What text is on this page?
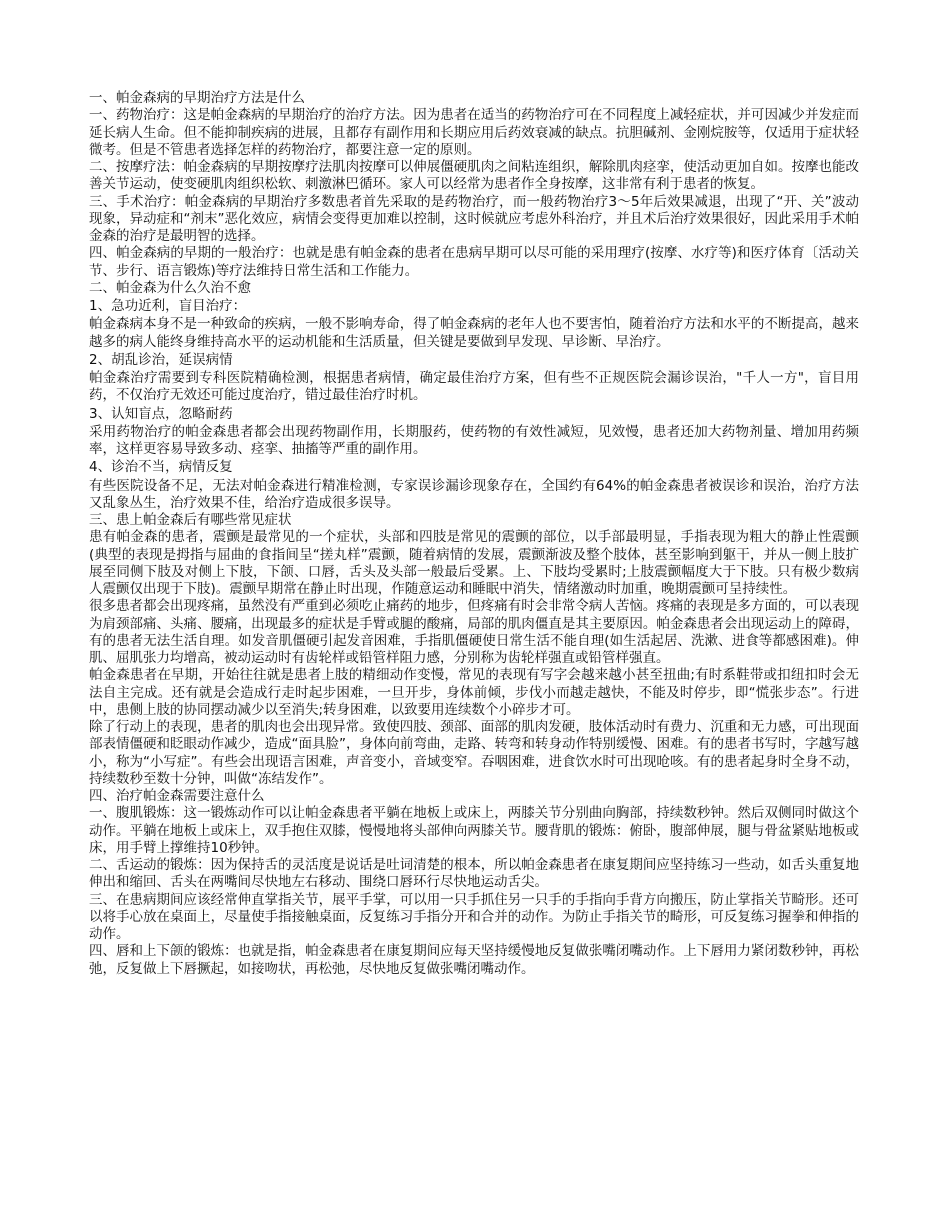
一、帕金森病的早期治疗方法是什么

一、药物治疗：这是帕金森病的早期治疗的治疗方法。因为患者在适当的药物治疗可在不同程度上减轻症状，并可因减少并发症而延长病人生命。但不能抑制疾病的进展，且都存有副作用和长期应用后药效衰减的缺点。抗胆碱剂、金刚烷胺等，仅适用于症状轻微考。但是不管患者选择怎样的药物治疗，都要注意一定的原则。

二、按摩疗法：帕金森病的早期按摩疗法肌肉按摩可以伸展僵硬肌肉之间粘连组织，解除肌肉痉挛，使活动更加自如。按摩也能改善关节运动，使变硬肌肉组织松软、刺激淋巴循环。家人可以经常为患者作全身按摩，这非常有利于患者的恢复。

三、手术治疗：帕金森病的早期治疗多数患者首先采取的是药物治疗，而一般药物治疗3～5年后效果减退，出现了“开、关”波动现象，异动症和“剂末”恶化效应，病情会变得更加难以控制，这时候就应考虑外科治疗，并且术后治疗效果很好，因此采用手术帕金森的治疗是最明智的选择。

四、帕金森病的早期的一般治疗：也就是患有帕金森的患者在患病早期可以尽可能的采用理疗(按摩、水疗等)和医疗体育〔活动关节、步行、语言锻炼)等疗法维持日常生活和工作能力。

二、帕金森为什么久治不愈

1、急功近利，盲目治疗：

帕金森病本身不是一种致命的疾病，一般不影响寿命，得了帕金森病的老年人也不要害怕，随着治疗方法和水平的不断提高，越来越多的病人能终身维持高水平的运动机能和生活质量，但关键是要做到早发现、早诊断、早治疗。

2、胡乱诊治，延误病情

帕金森治疗需要到专科医院精确检测，根据患者病情，确定最佳治疗方案，但有些不正规医院会漏诊误治，"千人一方"，盲目用药，不仅治疗无效还可能过度治疗，错过最佳治疗时机。

3、认知盲点，忽略耐药

采用药物治疗的帕金森患者都会出现药物副作用，长期服药，使药物的有效性减短，见效慢，患者还加大药物剂量、增加用药频率，这样更容易导致多动、痉挛、抽搐等严重的副作用。

4、诊治不当，病情反复

有些医院设备不足，无法对帕金森进行精准检测，专家误诊漏诊现象存在，全国约有64%的帕金森患者被误诊和误治，治疗方法又乱象丛生，治疗效果不佳，给治疗造成很多误导。

三、患上帕金森后有哪些常见症状

患有帕金森的患者，震颤是最常见的一个症状，头部和四肢是常见的震颤的部位，以手部最明显，手指表现为粗大的静止性震颤(典型的表现是拇指与屈曲的食指间呈“搓丸样”震颤，随着病情的发展，震颤渐波及整个肢体，甚至影响到躯干，并从一侧上肢扩展至同侧下肢及对侧上下肢，下颌、口唇，舌头及头部一般最后受累。上、下肢均受累时;上肢震颤幅度大于下肢。只有极少数病人震颤仅出现于下肢)。震颤早期常在静止时出现，作随意运动和睡眠中消失，情绪激动时加重，晚期震颤可呈持续性。

很多患者都会出现疼痛，虽然没有严重到必须吃止痛药的地步，但疼痛有时会非常令病人苦恼。疼痛的表现是多方面的，可以表现为肩颈部痛、头痛、腰痛，出现最多的症状是手臂或腿的酸痛，局部的肌肉僵直是其主要原因。帕金森患者会出现运动上的障碍，有的患者无法生活自理。如发音肌僵硬引起发音困难，手指肌僵硬使日常生活不能自理(如生活起居、洗漱、进食等都感困难)。伸肌、屈肌张力均增高，被动运动时有齿轮样或铅管样阻力感，分别称为齿轮样强直或铅管样强直。

帕金森患者在早期，开始往往就是患者上肢的精细动作变慢，常见的表现有写字会越来越小甚至扭曲;有时系鞋带或扣纽扣时会无法自主完成。还有就是会造成行走时起步困难，一旦开步，身体前倾，步伐小而越走越快，不能及时停步，即“慌张步态”。行进中，患侧上肢的协同摆动减少以至消失;转身困难，以致要用连续数个小碎步才可。

除了行动上的表现，患者的肌肉也会出现异常。致使四肢、颈部、面部的肌肉发硬，肢体活动时有费力、沉重和无力感，可出现面部表情僵硬和眨眼动作减少，造成“面具脸”，身体向前弯曲，走路、转弯和转身动作特别缓慢、困难。有的患者书写时，字越写越小，称为“小写症”。有些会出现语言困难，声音变小，音域变窄。吞咽困难，进食饮水时可出现呛咳。有的患者起身时全身不动，持续数秒至数十分钟，叫做“冻结发作”。

四、治疗帕金森需要注意什么

一、腹肌锻炼：这一锻炼动作可以让帕金森患者平躺在地板上或床上，两膝关节分别曲向胸部，持续数秒钟。然后双侧同时做这个动作。平躺在地板上或床上，双手抱住双膝，慢慢地将头部伸向两膝关节。腰背肌的锻炼：俯卧，腹部伸展，腿与骨盆紧贴地板或床，用手臂上撑维持10秒钟。

二、舌运动的锻炼：因为保持舌的灵活度是说话是吐词清楚的根本，所以帕金森患者在康复期间应坚持练习一些动，如舌头重复地伸出和缩回、舌头在两嘴间尽快地左右移动、围绕口唇环行尽快地运动舌尖。

三、在患病期间应该经常伸直掌指关节，展平手掌，可以用一只手抓住另一只手的手指向手背方向搬压，防止掌指关节畸形。还可以将手心放在桌面上，尽量使手指接触桌面，反复练习手指分开和合并的动作。为防止手指关节的畸形，可反复练习握拳和伸指的动作。

四、唇和上下颌的锻炼：也就是指，帕金森患者在康复期间应每天坚持缓慢地反复做张嘴闭嘴动作。上下唇用力紧闭数秒钟，再松弛，反复做上下唇撅起，如接吻状，再松弛，尽快地反复做张嘴闭嘴动作。
